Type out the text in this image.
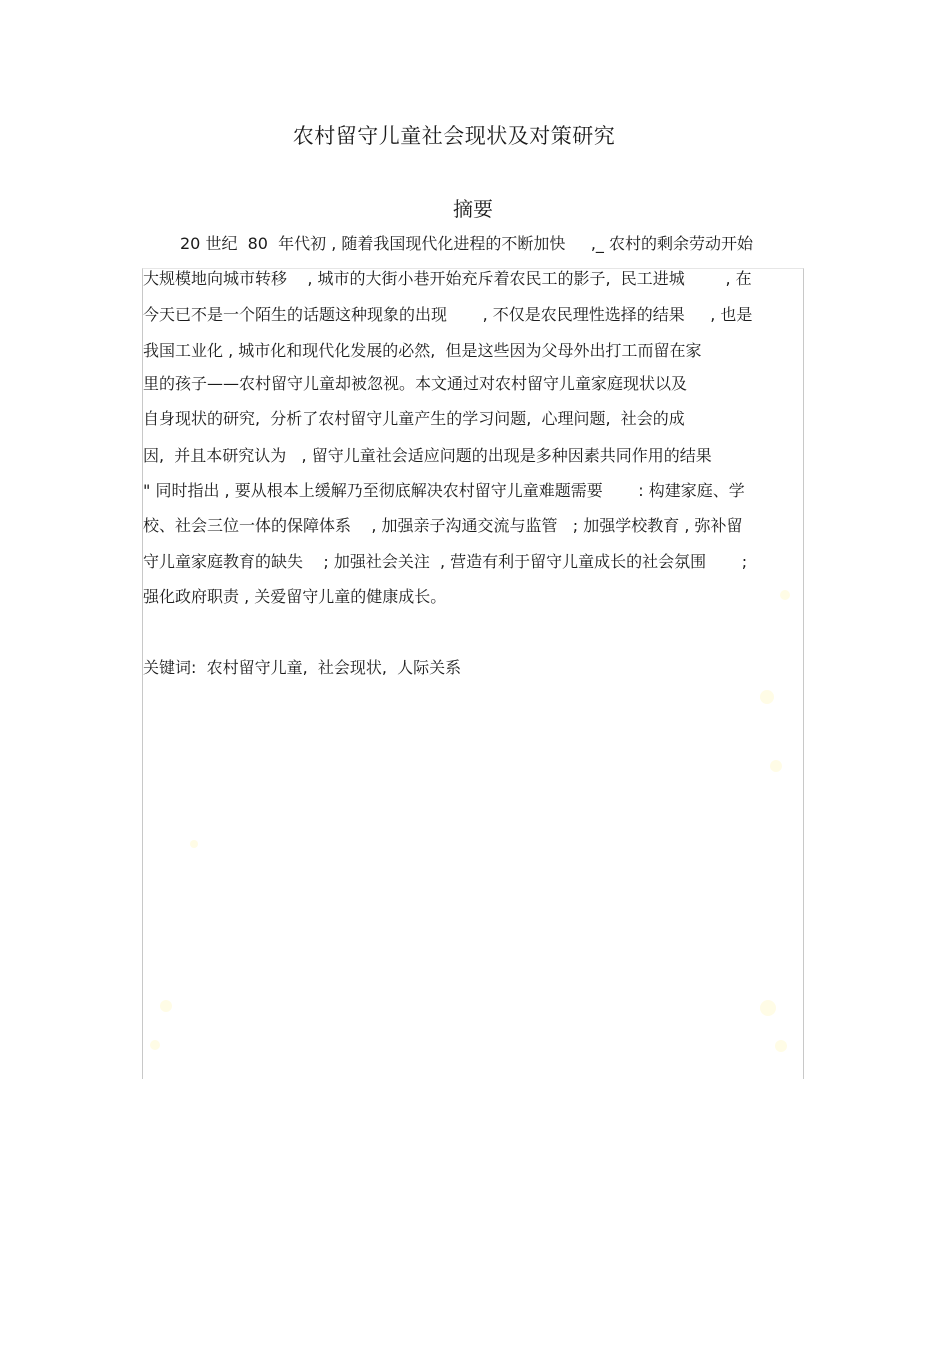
农村留守儿童社会现状及对策研究
摘要
20 世纪  80  年代初 , 随着我国现代化进程的不断加快     ,_ 农村的剩余劳动开始
大规模地向城市转移    , 城市的大街小巷开始充斥着农民工的影子,  民工进城        , 在
今天已不是一个陌生的话题这种现象的出现       , 不仅是农民理性选择的结果     , 也是
我国工业化 , 城市化和现代化发展的必然,  但是这些因为父母外出打工而留在家
里的孩子——农村留守儿童却被忽视。本文通过对农村留守儿童家庭现状以及
自身现状的研究,  分析了农村留守儿童产生的学习问题,  心理问题,  社会的成
因,  并且本研究认为   , 留守儿童社会适应问题的出现是多种因素共同作用的结果
" 同时指出 , 要从根本上缓解乃至彻底解决农村留守儿童难题需要       : 构建家庭、学
校、社会三位一体的保障体系    , 加强亲子沟通交流与监管   ; 加强学校教育 , 弥补留
守儿童家庭教育的缺失    ; 加强社会关注  , 营造有利于留守儿童成长的社会氛围       ;
强化政府职责 , 关爱留守儿童的健康成长。
关键词:  农村留守儿童,  社会现状,  人际关系
